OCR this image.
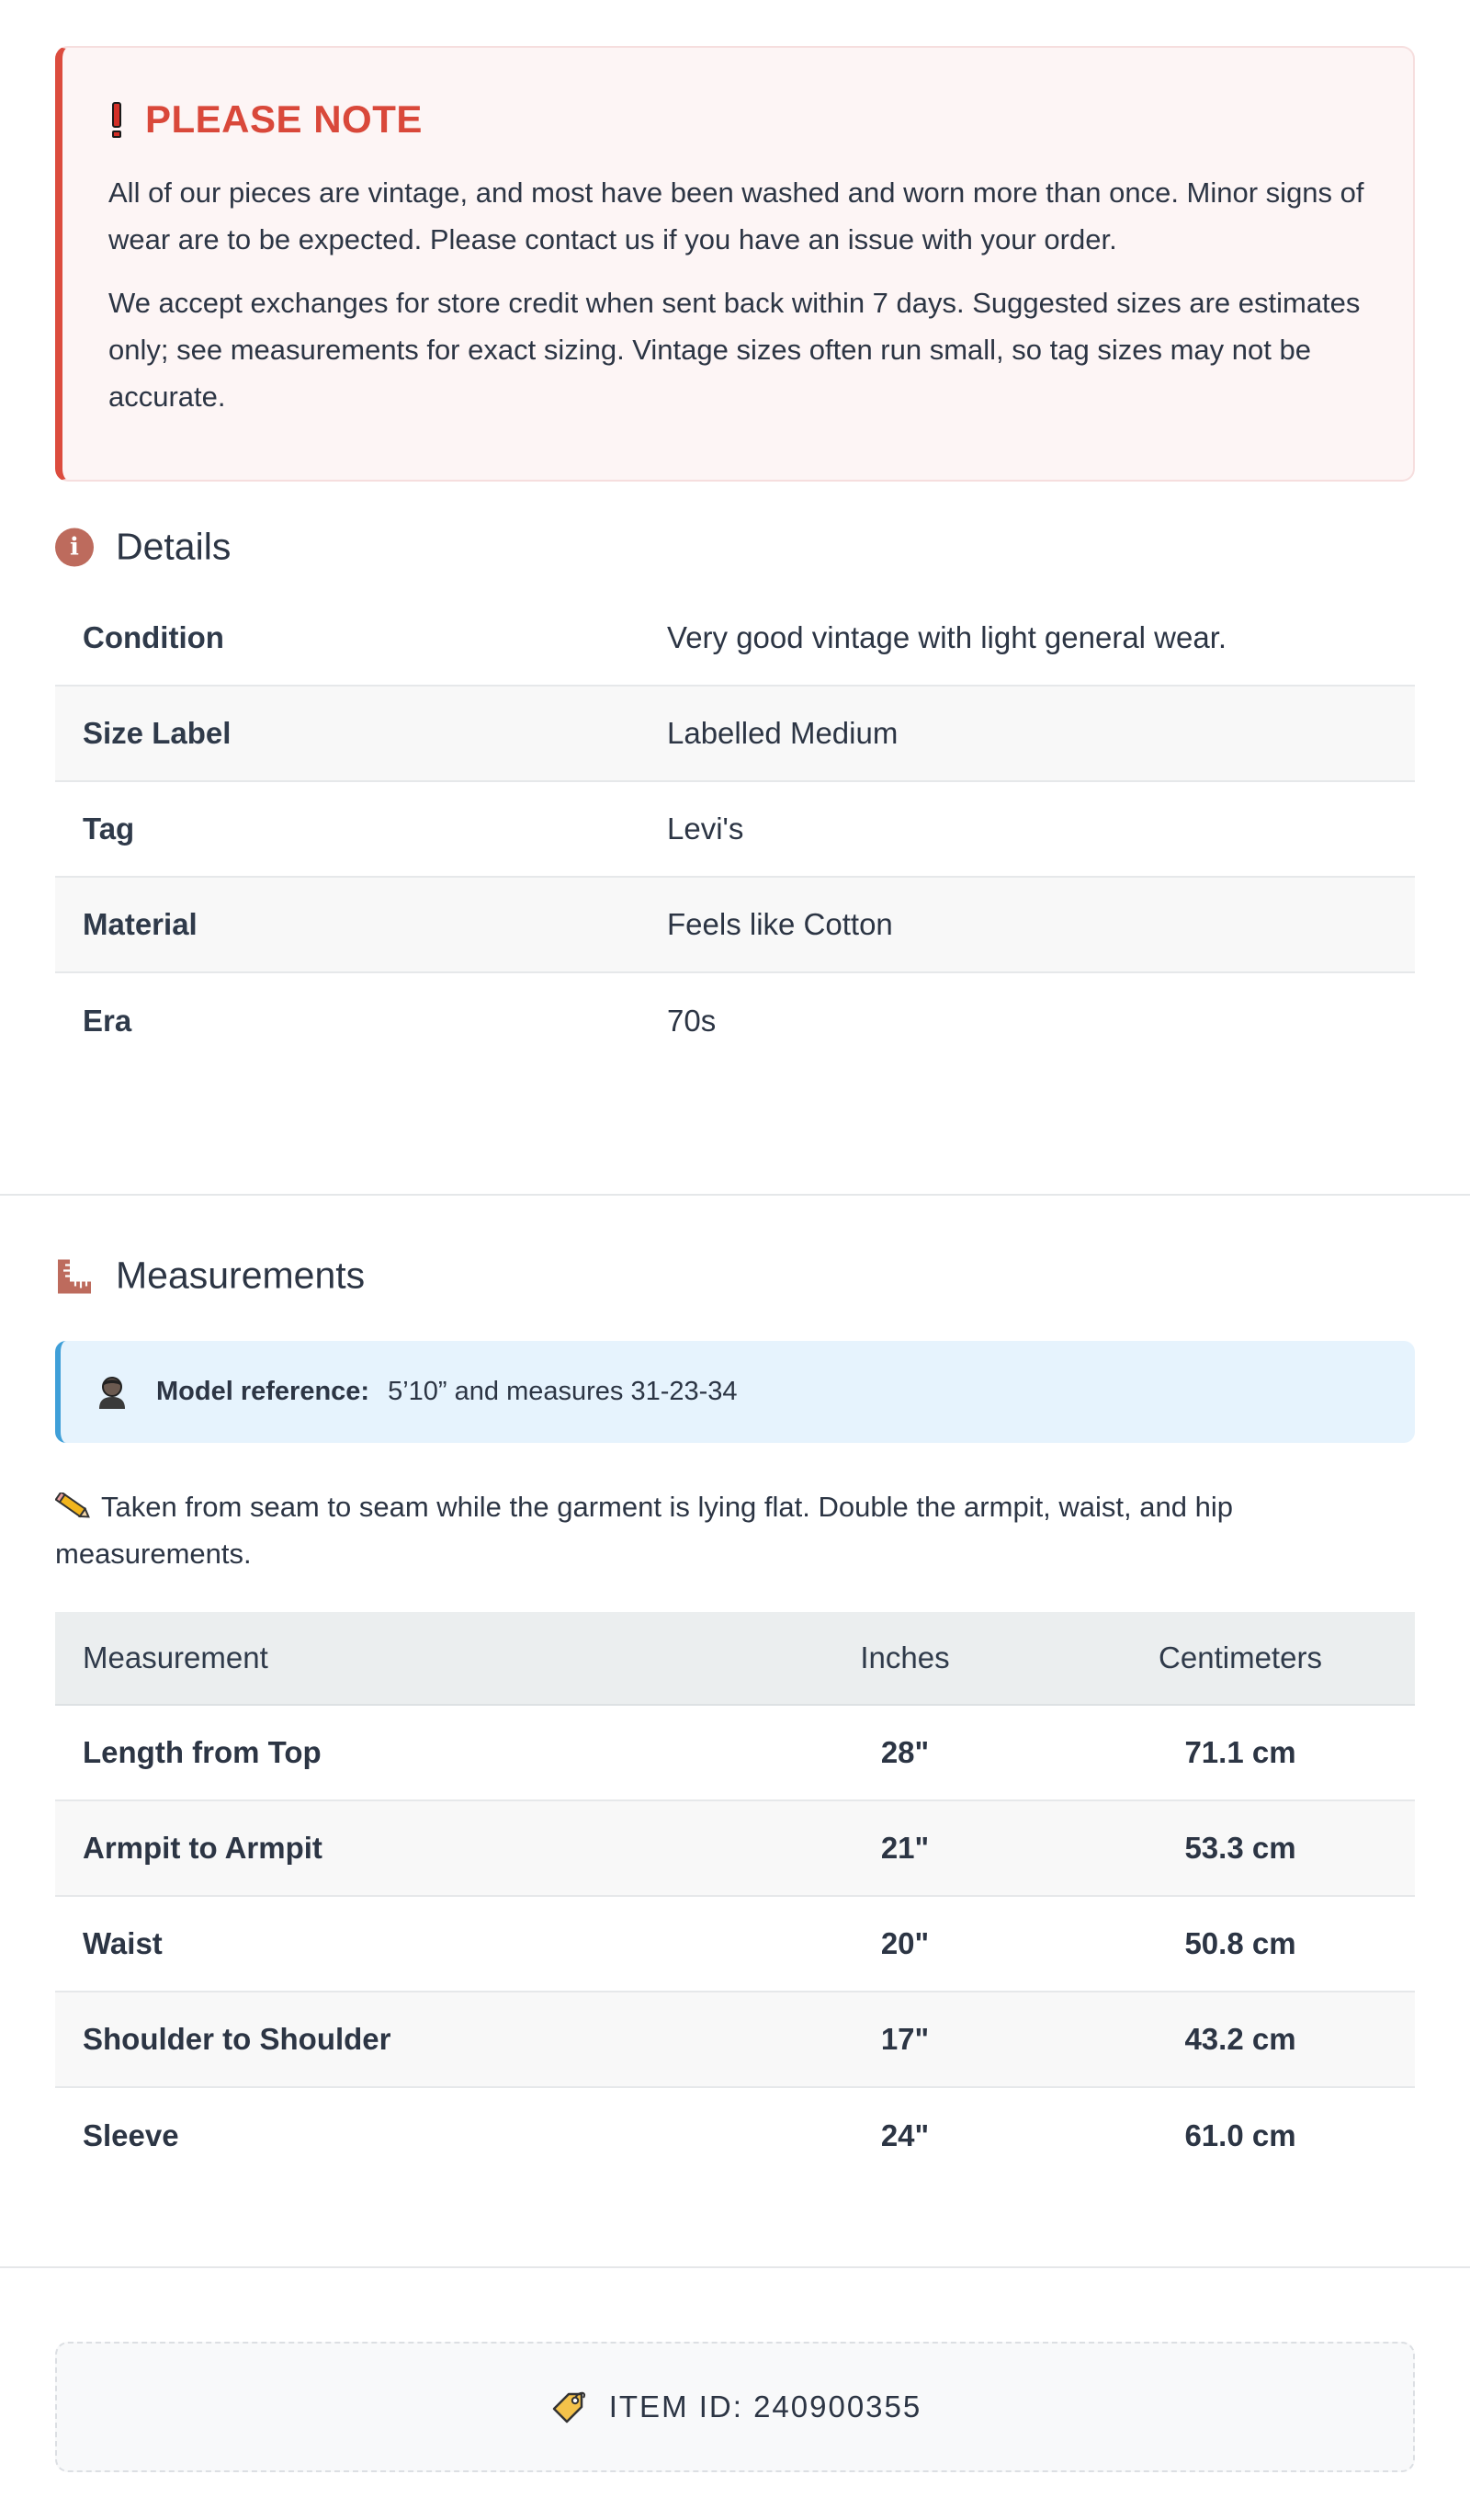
PLEASE NOTE

All of our pieces are vintage, and most have been washed and worn more than once. Minor signs of wear are to be expected. Please contact us if you have an issue with your order.

We accept exchanges for store credit when sent back within 7 days. Suggested sizes are estimates only; see measurements for exact sizing. Vintage sizes often run small, so tag sizes may not be accurate.

i Details
Condition	Very good vintage with light general wear.
Size Label	Labelled Medium
Tag	Levi's
Material	Feels like Cotton
Era	70s
Measurements
Model reference: 5’10” and measures 31-23-34
Taken from seam to seam while the garment is lying flat. Double the armpit, waist, and hip measurements.
Measurement	Inches	Centimeters
Length from Top	28"	71.1 cm
Armpit to Armpit	21"	53.3 cm
Waist	20"	50.8 cm
Shoulder to Shoulder	17"	43.2 cm
Sleeve	24"	61.0 cm
ITEM ID: 240900355
